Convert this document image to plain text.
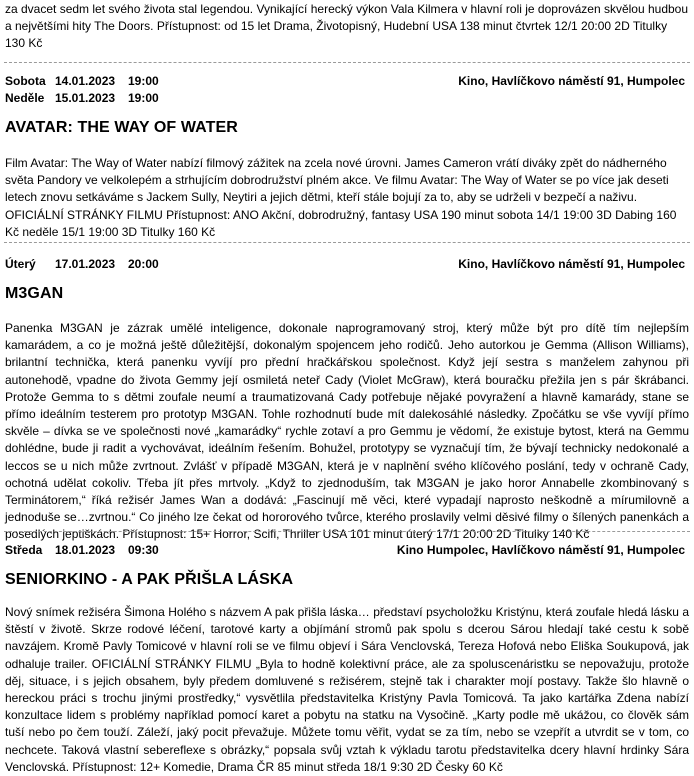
za dvacet sedm let svého života stal legendou. Vynikající herecký výkon Vala Kilmera v hlavní roli je doprovázen skvělou hudbou a největšími hity The Doors. Přístupnost: od 15 let Drama, Životopisný, Hudební USA 138 minut čtvrtek 12/1 20:00 2D Titulky 130 Kč

Sobota 14.01.2023 19:00	Kino, Havlíčkovo náměstí 91, Humpolec
Neděle 15.01.2023 19:00
AVATAR: THE WAY OF WATER

Film Avatar: The Way of Water nabízí filmový zážitek na zcela nové úrovni. James Cameron vrátí diváky zpět do nádherného světa Pandory ve velkolepém a strhujícím dobrodružství plném akce. Ve filmu Avatar: The Way of Water se po více jak deseti letech znovu setkáváme s Jackem Sully, Neytiri a jejich dětmi, kteří stále bojují za to, aby se udrželi v bezpečí a naživu. OFICIÁLNÍ STRÁNKY FILMU Přístupnost: ANO Akční, dobrodružný, fantasy USA 190 minut sobota 14/1 19:00 3D Dabing 160 Kč neděle 15/1 19:00 3D Titulky 160 Kč

Úterý 17.01.2023 20:00	Kino, Havlíčkovo náměstí 91, Humpolec
M3GAN

Panenka M3GAN je zázrak umělé inteligence, dokonale naprogramovaný stroj, který může být pro dítě tím nejlepším kamarádem, a co je možná ještě důležitější, dokonalým spojencem jeho rodičů. Jeho autorkou je Gemma (Allison Williams), brilantní technička, která panenku vyvíjí pro přední hračkářskou společnost. Když její sestra s manželem zahynou při autonehodě, vpadne do života Gemmy její osmiletá neteř Cady (Violet McGraw), která bouračku přežila jen s pár škrábanci. Protože Gemma to s dětmi zoufale neumí a traumatizovaná Cady potřebuje nějaké povyražení a hlavně kamarády, stane se přímo ideálním testerem pro prototyp M3GAN. Tohle rozhodnutí bude mít dalekosáhlé následky. Zpočátku se vše vyvíjí přímo skvěle – dívka se ve společnosti nové „kamarádky“ rychle zotaví a pro Gemmu je vědomí, že existuje bytost, která na Gemmu dohlédne, bude ji radit a vychovávat, ideálním řešením. Bohužel, prototypy se vyznačují tím, že bývají technicky nedokonalé a leccos se u nich může zvrtnout. Zvlášť v případě M3GAN, která je v naplnění svého klíčového poslání, tedy v ochraně Cady, ochotná udělat cokoliv. Třeba jít přes mrtvoly. „Když to zjednoduším, tak M3GAN je jako horor Annabelle zkombinovaný s Terminátorem,“ říká režisér James Wan a dodává: „Fascinují mě věci, které vypadají naprosto neškodně a mírumilovně a jednoduše se…zvrtnou.“ Co jiného lze čekat od hororového tvůrce, kterého proslavily velmi děsivé filmy o šílených panenkách a posedlých jeptiškách. Přístupnost: 15+ Horror, Scifi, Thriller USA 101 minut úterý 17/1 20:00 2D Titulky 140 Kč

Středa 18.01.2023 09:30	Kino Humpolec, Havlíčkovo náměstí 91, Humpolec
SENIORKINO - A PAK PŘIŠLA LÁSKA

Nový snímek režiséra Šimona Holého s názvem A pak přišla láska… představí psycholožku Kristýnu, která zoufale hledá lásku a štěstí v životě. Skrze rodové léčení, tarotové karty a objímání stromů pak spolu s dcerou Sárou hledají také cestu k sobě navzájem. Kromě Pavly Tomicové v hlavní roli se ve filmu objeví i Sára Venclovská, Tereza Hofová nebo Eliška Soukupová, jak odhaluje trailer. OFICIÁLNÍ STRÁNKY FILMU „Byla to hodně kolektivní práce, ale za spoluscenáristku se nepovažuju, protože děj, situace, i s jejich obsahem, byly předem domluvené s režisérem, stejně tak i charakter mojí postavy. Takže šlo hlavně o hereckou práci s trochu jinými prostředky,“ vysvětlila představitelka Kristýny Pavla Tomicová. Ta jako kartářka Zdena nabízí konzultace lidem s problémy například pomocí karet a pobytu na statku na Vysočině. „Karty podle mě ukážou, co člověk sám tuší nebo po čem touží. Záleží, jaký pocit převažuje. Můžete tomu věřit, vydat se za tím, nebo se vzepřít a utvrdit se v tom, co nechcete. Taková vlastní sebereflexe s obrázky,“ popsala svůj vztah k výkladu tarotu představitelka dcery hlavní hrdinky Sára Venclovská. Přístupnost: 12+ Komedie, Drama ČR 85 minut středa 18/1 9:30 2D Česky 60 Kč
